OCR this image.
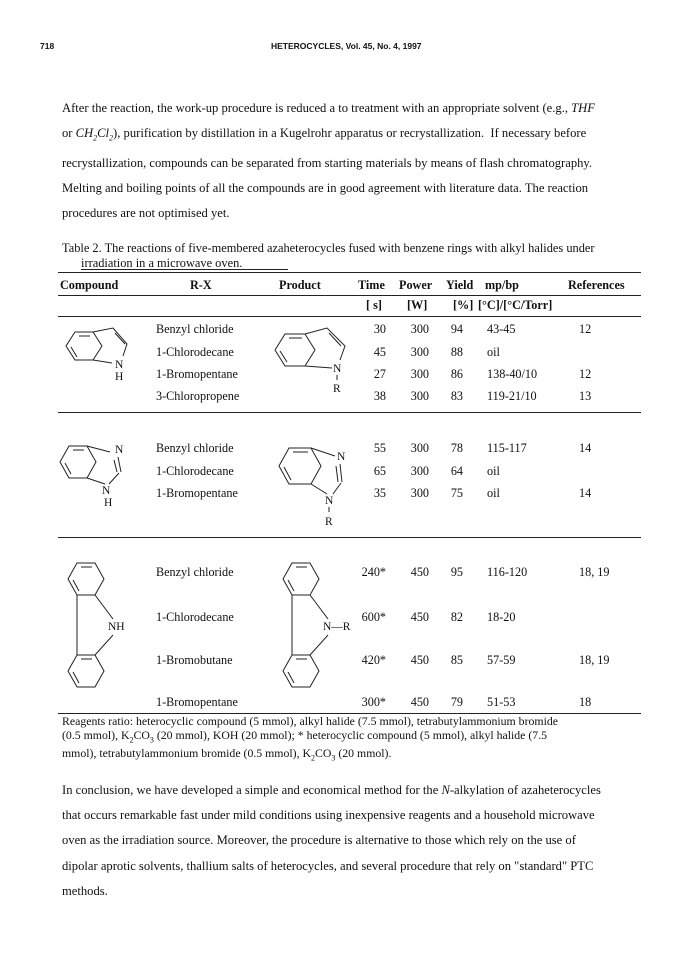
718	HETEROCYCLES, Vol. 45, No. 4, 1997
After the reaction, the work-up procedure is reduced a to treatment with an appropriate solvent (e.g., THF
or $CH_2Cl_2$), purification by distillation in a Kugelrohr apparatus or recrystallization.  If necessary before
recrystallization, compounds can be separated from starting materials by means of flash chromatography.
Melting and boiling points of all the compounds are in good agreement with literature data. The reaction
procedures are not optimised yet.
Table 2. The reactions of five-membered azaheterocycles fused with benzene rings with alkyl halides under
irradiation in a microwave oven.
Compound	R-X	Product	Time Power Yield mp/bp	References
[ s] [W] [%] [°C]/[°C/Torr]
N
H
N
R
Benzyl chloride	30	300	94 43-45	12
1-Chlorodecane	45	300	88 oil
1-Bromopentane	27	300	86 138-40/10	12
3-Chloropropene	38	300	83 119-21/10	13
N
N
H
N
N
R
Benzyl chloride	55	300	78 115-117	14
1-Chlorodecane	65	300	64 oil
1-Bromopentane	35	300	75 oil	14
NH	N—R
Benzyl chloride	240*	450	95 116-120	18, 19
1-Chlorodecane	600*	450	82 18-20
1-Bromobutane	420*	450	85 57-59	18, 19
1-Bromopentane	300*	450	79 51-53	18
Reagents ratio: heterocyclic compound (5 mmol), alkyl halide (7.5 mmol), tetrabutylammonium bromide
(0.5 mmol), $K_2CO_3$ (20 mmol), KOH (20 mmol); * heterocyclic compound (5 mmol), alkyl halide (7.5
mmol), tetrabutylammonium bromide (0.5 mmol), $K_2CO_3$ (20 mmol).
In conclusion, we have developed a simple and economical method for the N-alkylation of azaheterocycles
that occurs remarkable fast under mild conditions using inexpensive reagents and a household microwave
oven as the irradiation source. Moreover, the procedure is alternative to those which rely on the use of
dipolar aprotic solvents, thallium salts of heterocycles, and several procedure that rely on "standard" PTC
methods.
